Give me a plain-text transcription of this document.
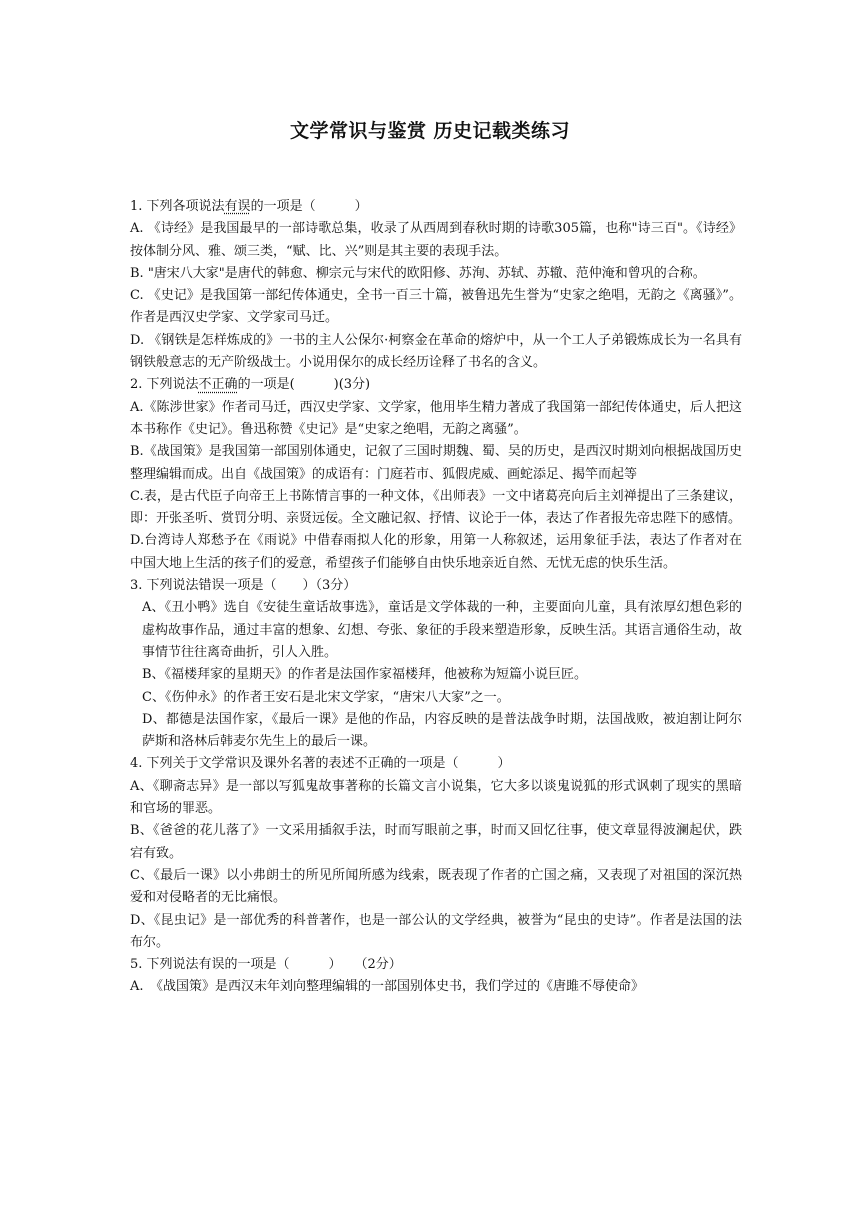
文学常识与鉴赏 历史记载类练习

1. 下列各项说法有误的一项是（　　　）

A. 《诗经》是我国最早的一部诗歌总集，收录了从西周到春秋时期的诗歌305篇，也称"诗三百"。《诗经》按体制分风、雅、颂三类，“赋、比、兴”则是其主要的表现手法。

B. "唐宋八大家"是唐代的韩愈、柳宗元与宋代的欧阳修、苏洵、苏轼、苏辙、范仲淹和曾巩的合称。

C. 《史记》是我国第一部纪传体通史，全书一百三十篇，被鲁迅先生誉为“史家之绝唱，无韵之《离骚》”。作者是西汉史学家、文学家司马迁。

D. 《钢铁是怎样炼成的》一书的主人公保尔·柯察金在革命的熔炉中，从一个工人子弟锻炼成长为一名具有钢铁般意志的无产阶级战士。小说用保尔的成长经历诠释了书名的含义。

2. 下列说法不正确的一项是(　　　)(3分)

A.《陈涉世家》作者司马迁，西汉史学家、文学家，他用毕生精力著成了我国第一部纪传体通史，后人把这本书称作《史记》。鲁迅称赞《史记》是“史家之绝唱，无韵之离骚”。

B.《战国策》是我国第一部国别体通史，记叙了三国时期魏、蜀、吴的历史，是西汉时期刘向根据战国历史整理编辑而成。出自《战国策》的成语有：门庭若市、狐假虎威、画蛇添足、揭竿而起等

C.表，是古代臣子向帝王上书陈情言事的一种文体，《出师表》一文中诸葛亮向后主刘禅提出了三条建议，即：开张圣听、赏罚分明、亲贤远佞。全文融记叙、抒情、议论于一体，表达了作者报先帝忠陛下的感情。

D.台湾诗人郑愁予在《雨说》中借春雨拟人化的形象，用第一人称叙述，运用象征手法，表达了作者对在中国大地上生活的孩子们的爱意，希望孩子们能够自由快乐地亲近自然、无忧无虑的快乐生活。

3. 下列说法错误一项是（　　）（3分）

A、《丑小鸭》选自《安徒生童话故事选》，童话是文学体裁的一种，主要面向儿童，具有浓厚幻想色彩的虚构故事作品，通过丰富的想象、幻想、夸张、象征的手段来塑造形象，反映生活。其语言通俗生动，故事情节往往离奇曲折，引人入胜。

B、《福楼拜家的星期天》的作者是法国作家福楼拜，他被称为短篇小说巨匠。

C、《伤仲永》的作者王安石是北宋文学家，“唐宋八大家”之一。

D、都德是法国作家，《最后一课》是他的作品，内容反映的是普法战争时期，法国战败，被迫割让阿尔萨斯和洛林后韩麦尔先生上的最后一课。

4. 下列关于文学常识及课外名著的表述不正确的一项是（　　　）

A、《聊斋志异》是一部以写狐鬼故事著称的长篇文言小说集，它大多以谈鬼说狐的形式讽刺了现实的黑暗和官场的罪恶。

B、《爸爸的花儿落了》一文采用插叙手法，时而写眼前之事，时而又回忆往事，使文章显得波澜起伏，跌宕有致。

C、《最后一课》以小弗朗士的所见所闻所感为线索，既表现了作者的亡国之痛，又表现了对祖国的深沉热爱和对侵略者的无比痛恨。

D、《昆虫记》是一部优秀的科普著作，也是一部公认的文学经典，被誉为“昆虫的史诗”。作者是法国的法布尔。

5. 下列说法有误的一项是（　　　）　　（2分）

A.　《战国策》是西汉末年刘向整理编辑的一部国别体史书，我们学过的《唐雎不辱使命》
